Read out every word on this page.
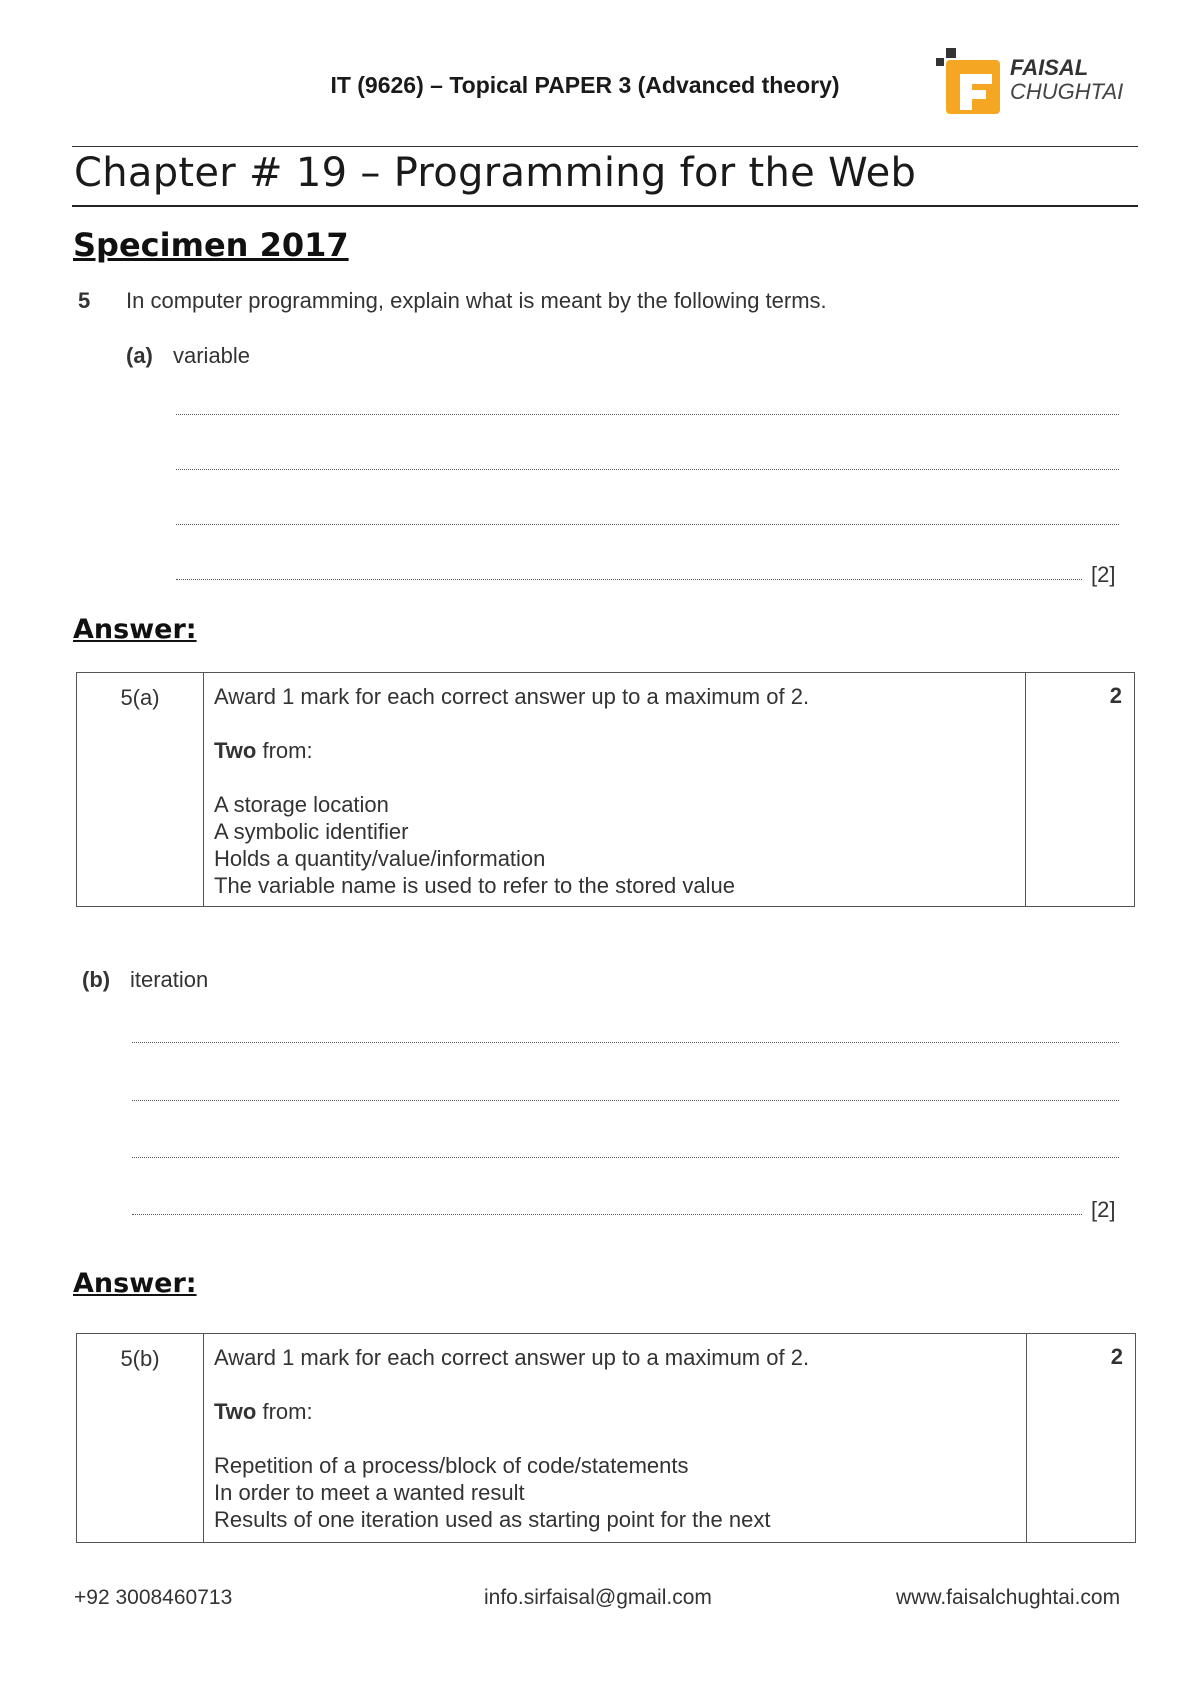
IT (9626) – Topical PAPER 3 (Advanced theory)
FAISAL
CHUGHTAI
Chapter # 19 – Programming for the Web
Specimen 2017
5 In computer programming, explain what is meant by the following terms.
(a) variable
[2]
Answer:
5(a)	Award 1 mark for each correct answer up to a maximum of 2.
Two from:
A storage location
A symbolic identifier
Holds a quantity/value/information
The variable name is used to refer to the stored value
	2
(b) iteration
[2]
Answer:
5(b)	Award 1 mark for each correct answer up to a maximum of 2.
Two from:
Repetition of a process/block of code/statements
In order to meet a wanted result
Results of one iteration used as starting point for the next
	2
+92 3008460713	info.sirfaisal@gmail.com	www.faisalchughtai.com
